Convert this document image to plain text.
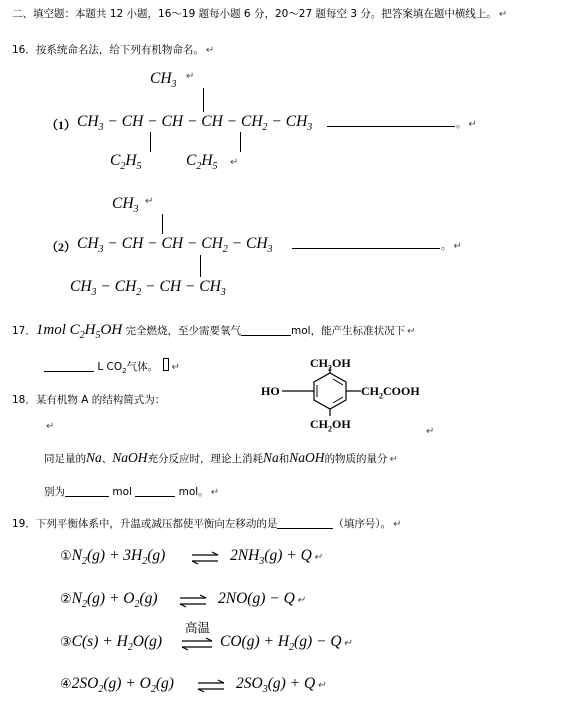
二、填空题：本题共 12 小题，16～19 题每小题 6 分，20～27 题每空 3 分。把答案填在题中横线上。 ↵
16．按系统命名法，给下列有机物命名。 ↵
$CH_3$
↵
（1） $CH_3$ − CH − CH − CH − $CH_2 - CH_3$	。 ↵
$C_2H_5$	$C_2H_5$ ↵
$CH_3$
↵
（2） $CH_3$ − CH − CH − $CH_2 - CH_3$	。 ↵
$CH_3 - CH_2$ − CH − $CH_3$
17．1mol $C_2H_5OH$ 完全燃烧，至少需要氧气	mol，能产生标准状况下 ↵
L $CO_2$气体。 ↵
18．某有机物 A 的结构简式为：
↵
$CH_2OH$
HO	$CH_2COOH$
$CH_2OH$
↵
同足量的Na、NaOH充分反应时，理论上消耗Na和NaOH的物质的量分 ↵
别为	mol	mol。 ↵
19．下列平衡体系中，升温或减压都使平衡向左移动的是	（填序号）。 ↵
$①N_2(g) + 3H_2(g)$	$2NH_3(g) + Q$ ↵
$②N_2(g) + O_2(g)$	2NO(g) − Q ↵
高温
③C(s) + $H_2O(g)$	$CO(g) + H_2(g) - Q$ ↵
$④2SO_2(g) + O_2(g)$	$2SO_3(g) + Q$ ↵
